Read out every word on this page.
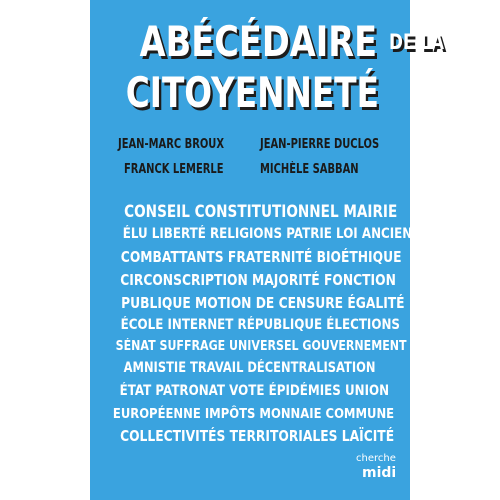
ABÉCÉDAIRE DE LA
CITOYENNETÉ
JEAN-MARC BROUX	JEAN-PIERRE DUCLOS
FRANCK LEMERLE	MICHÈLE SABBAN
CONSEIL CONSTITUTIONNEL MAIRIE
ÉLU LIBERTÉ RELIGIONS PATRIE LOI ANCIENS
COMBATTANTS FRATERNITÉ BIOÉTHIQUE
CIRCONSCRIPTION MAJORITÉ FONCTION
PUBLIQUE MOTION DE CENSURE ÉGALITÉ
ÉCOLE INTERNET RÉPUBLIQUE ÉLECTIONS
SÉNAT SUFFRAGE UNIVERSEL GOUVERNEMENT
AMNISTIE TRAVAIL DÉCENTRALISATION
ÉTAT PATRONAT VOTE ÉPIDÉMIES UNION
EUROPÉENNE IMPÔTS MONNAIE COMMUNE
COLLECTIVITÉS TERRITORIALES LAÏCITÉ
cherche
midi
